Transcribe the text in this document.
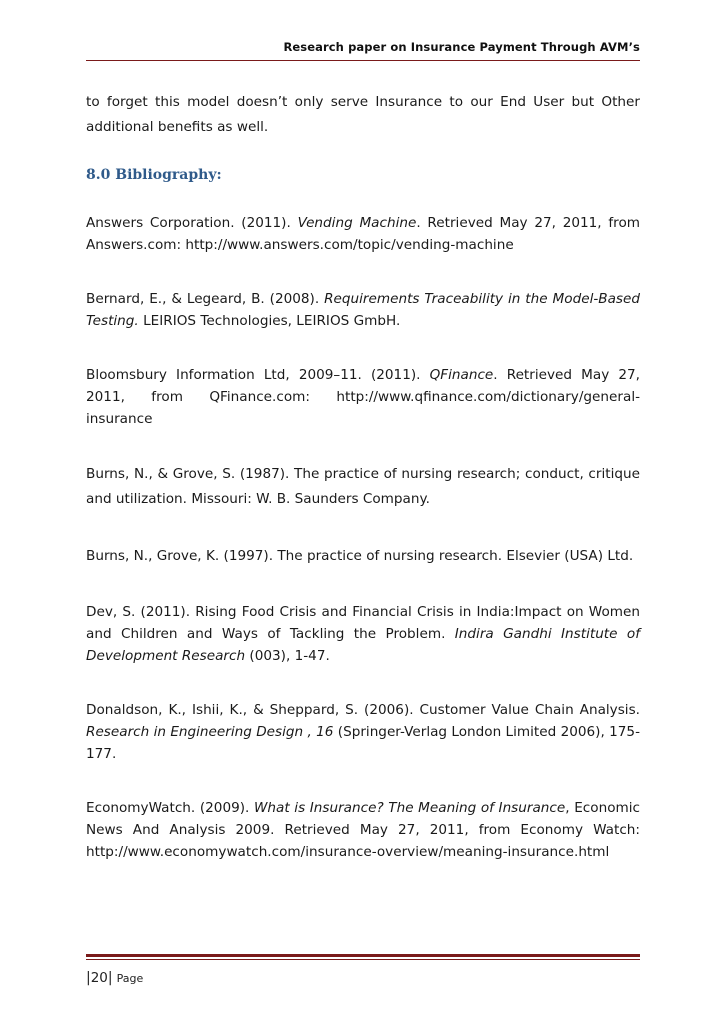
Research paper on Insurance Payment Through AVM’s

to forget this model doesn’t only serve Insurance to our End User but Other additional benefits as well.

8.0 Bibliography:

Answers Corporation. (2011). Vending Machine. Retrieved May 27, 2011, from Answers.com: http://www.answers.com/topic/vending-machine

Bernard, E., & Legeard, B. (2008). Requirements Traceability in the Model-Based Testing. LEIRIOS Technologies, LEIRIOS GmbH.

Bloomsbury Information Ltd, 2009–11. (2011). QFinance. Retrieved May 27, 2011, from QFinance.com: http://www.qfinance.com/dictionary/general-insurance

Burns, N., & Grove, S. (1987). The practice of nursing research; conduct, critique and utilization. Missouri: W. B. Saunders Company.

Burns, N., Grove, K. (1997). The practice of nursing research. Elsevier (USA) Ltd.

Dev, S. (2011). Rising Food Crisis and Financial Crisis in India:Impact on Women and Children and Ways of Tackling the Problem. Indira Gandhi Institute of Development Research (003), 1-47.

Donaldson, K., Ishii, K., & Sheppard, S. (2006). Customer Value Chain Analysis. Research in Engineering Design , 16 (Springer-Verlag London Limited 2006), 175-177.

EconomyWatch. (2009). What is Insurance? The Meaning of Insurance, Economic News And Analysis 2009. Retrieved May 27, 2011, from Economy Watch: http://www.economywatch.com/insurance-overview/meaning-insurance.html

|20| Page
